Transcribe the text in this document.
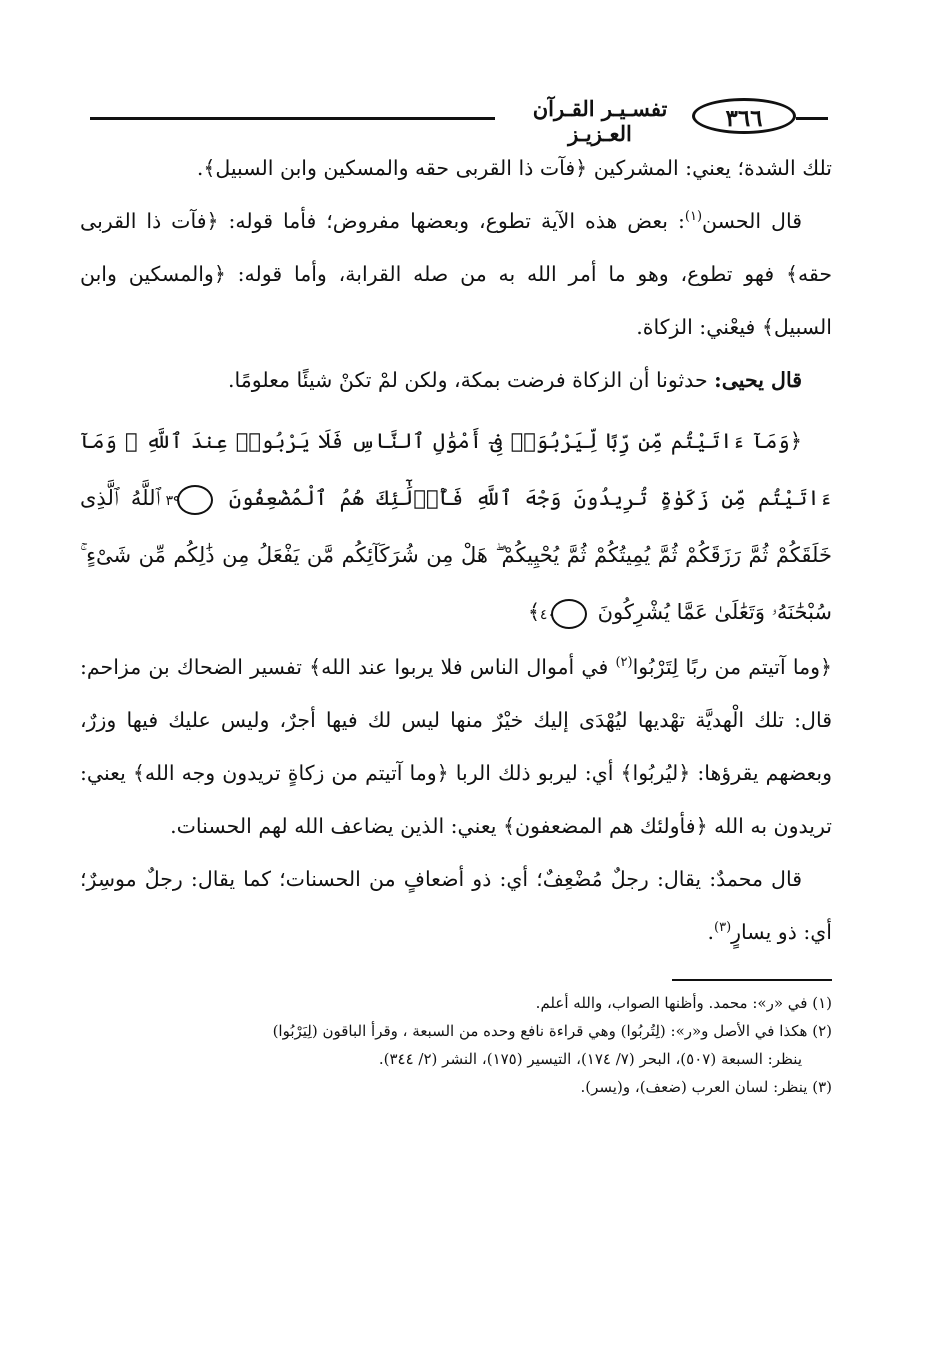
تفسـيـر القـرآن العـزيـز
٣٦٦

تلك الشدة؛ يعني: المشركين ﴿فآت ذا القربى حقه والمسكين وابن السبيل﴾.

قال الحسن$^{(١)}$: بعض هذه الآية تطوع، وبعضها مفروض؛ فأما قوله: ﴿فآت ذا القربى حقه﴾ فهو تطوع، وهو ما أمر الله به من صله القرابة، وأما قوله: ﴿والمسكين وابن السبيل﴾ فيعْني: الزكاة.

قال يحيى: حدثونا أن الزكاة فرضت بمكة، ولكن لمْ تكنْ شيئًا معلومًا.

﴿وَمَآ ءَاتَيْتُم مِّن رِّبًا لِّيَرْبُوَا۟ فِىٓ أَمْوَٰلِ ٱلنَّاسِ فَلَا يَرْبُوا۟ عِندَ ٱللَّهِ ۖ وَمَآ ءَاتَيْتُم مِّن زَكَوٰةٍ تُرِيدُونَ وَجْهَ ٱللَّهِ فَأُو۟لَٰٓئِكَ هُمُ ٱلْمُضْعِفُونَ ٣٩ ٱللَّهُ ٱلَّذِى خَلَقَكُمْ ثُمَّ رَزَقَكُمْ ثُمَّ يُمِيتُكُمْ ثُمَّ يُحْيِيكُمْ ۖ هَلْ مِن شُرَكَآئِكُم مَّن يَفْعَلُ مِن ذَٰلِكُم مِّن شَىْءٍ ۚ سُبْحَٰنَهُۥ وَتَعَٰلَىٰ عَمَّا يُشْرِكُونَ ٤٠ ﴾

﴿وما آتيتم من ربًا لِتَرْبُوا$^{(٢)}$ في أموال الناس فلا يربوا عند الله﴾ تفسير الضحاك بن مزاحم: قال: تلك الْهديَّة تهْديها ليُهْدَى إليك خيْرٌ منها ليس لك فيها أجرٌ، وليس عليك فيها وزرٌ، وبعضهم يقرؤها: ﴿ليُربُوا﴾ أي: ليربو ذلك الربا ﴿وما آتيتم من زكاةٍ تريدون وجه الله﴾ يعني: تريدون به الله ﴿فأولئك هم المضعفون﴾ يعني: الذين يضاعف الله لهم الحسنات.

قال محمدٌ: يقال: رجلٌ مُضْعِفٌ؛ أي: ذو أضعافٍ من الحسنات؛ كما يقال: رجلٌ موسِرٌ؛ أي: ذو يسارٍ$^{(٣)}$.

(١) في «ر»: محمد. وأظنها الصواب، والله أعلم.

(٢) هكذا في الأصل و«ر»: (لِتُربُوا) وهي قراءة نافع وحده من السبعة ، وقرأ الباقون (لِيَرْبُوا)

ينظر: السبعة (٥٠٧)، البحر (٧/ ١٧٤)، التيسير (١٧٥)، النشر (٢/ ٣٤٤).

(٣) ينظر: لسان العرب (ضعف)، و(يسر).
